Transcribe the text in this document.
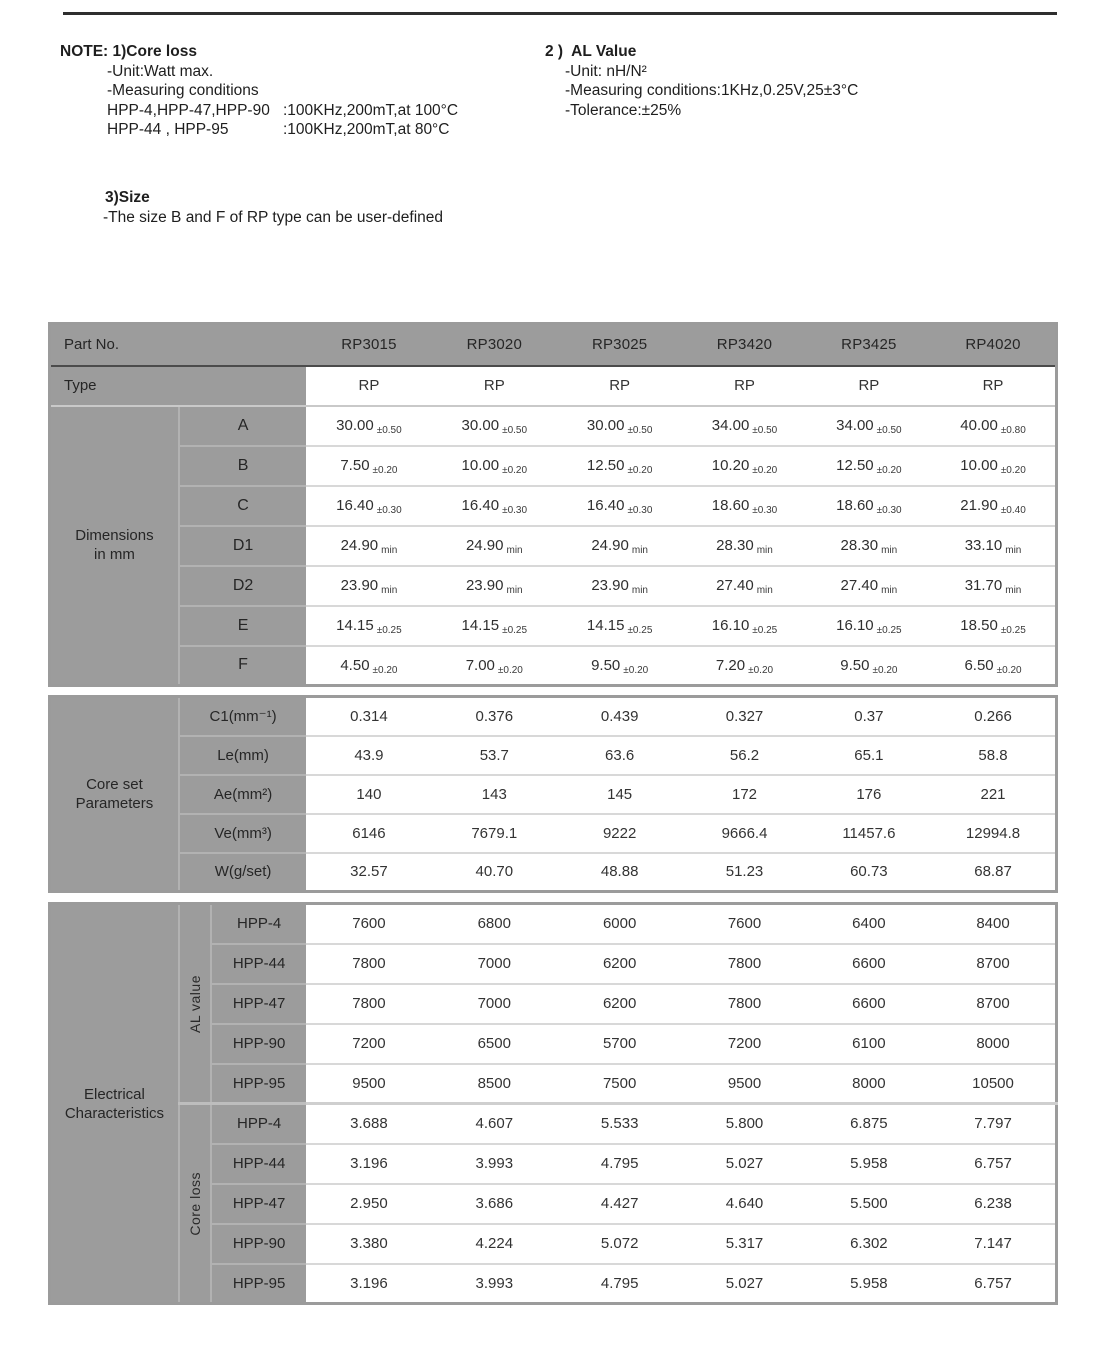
NOTE: 1)Core loss
-Unit:Watt max.
-Measuring conditions
HPP-4,HPP-47,HPP-90 :100KHz,200mT,at 100°C
HPP-44 , HPP-95	:100KHz,200mT,at 80°C
2 )  AL Value
-Unit: nH/N²
-Measuring conditions:1KHz,0.25V,25±3°C
-Tolerance:±25%
3)Size
-The size B and F of RP type can be user-defined
Part No.		RP3015	RP3020	RP3025	RP3420	RP3425	RP4020
Type		RP	RP	RP	RP	RP	RP

Dimensions
in mm	A	30.00 $_{\pm 0.50}$	30.00 $_{\pm 0.50}$	30.00 $_{\pm 0.50}$	34.00 $_{\pm 0.50}$	34.00 $_{\pm 0.50}$	40.00 $_{\pm 0.80}$
	B	7.50 $_{\pm 0.20}$	10.00 $_{\pm 0.20}$	12.50 $_{\pm 0.20}$	10.20 $_{\pm 0.20}$	12.50 $_{\pm 0.20}$	10.00 $_{\pm 0.20}$
	C	16.40 $_{\pm 0.30}$	16.40 $_{\pm 0.30}$	16.40 $_{\pm 0.30}$	18.60 $_{\pm 0.30}$	18.60 $_{\pm 0.30}$	21.90 $_{\pm 0.40}$
	D1	24.90 $_{min}$	24.90 $_{min}$	24.90 $_{min}$	28.30 $_{min}$	28.30 $_{min}$	33.10 $_{min}$
	D2	23.90 $_{min}$	23.90 $_{min}$	23.90 $_{min}$	27.40 $_{min}$	27.40 $_{min}$	31.70 $_{min}$
	E	14.15 $_{\pm 0.25}$	14.15 $_{\pm 0.25}$	14.15 $_{\pm 0.25}$	16.10 $_{\pm 0.25}$	16.10 $_{\pm 0.25}$	18.50 $_{\pm 0.25}$
	F	4.50 $_{\pm 0.20}$	7.00 $_{\pm 0.20}$	9.50 $_{\pm 0.20}$	7.20 $_{\pm 0.20}$	9.50 $_{\pm 0.20}$	6.50 $_{\pm 0.20}$
Core set
Parameters	C1(mm⁻¹)	0.314	0.376	0.439	0.327	0.37	0.266
	Le(mm)	43.9	53.7	63.6	56.2	65.1	58.8
	Ae(mm²)	140	143	145	172	176	221
	Ve(mm³)	6146	7679.1	9222	9666.4	11457.6	12994.8
	W(g/set)	32.57	40.70	48.88	51.23	60.73	68.87
Electrical
Characteristics	AL value	HPP-4	7600	6800	6000	7600	6400	8400
		HPP-44	7800	7000	6200	7800	6600	8700
		HPP-47	7800	7000	6200	7800	6600	8700
		HPP-90	7200	6500	5700	7200	6100	8000
		HPP-95	9500	8500	7500	9500	8000	10500

	Core loss	HPP-4	3.688	4.607	5.533	5.800	6.875	7.797
		HPP-44	3.196	3.993	4.795	5.027	5.958	6.757
		HPP-47	2.950	3.686	4.427	4.640	5.500	6.238
		HPP-90	3.380	4.224	5.072	5.317	6.302	7.147
		HPP-95	3.196	3.993	4.795	5.027	5.958	6.757
